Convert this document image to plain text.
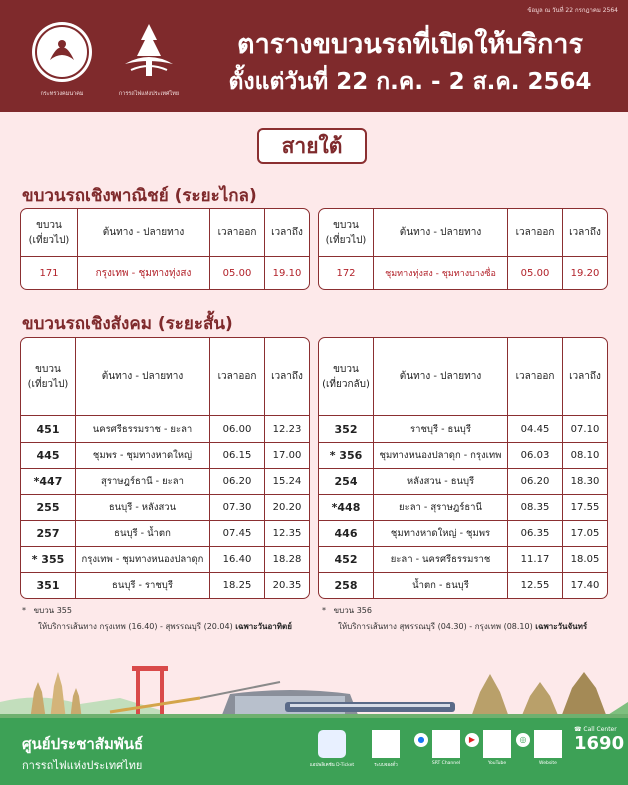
ข้อมูล ณ วันที่ 22 กรกฎาคม 2564
กระทรวงคมนาคม	การรถไฟแห่งประเทศไทย
ตารางขบวนรถที่เปิดให้บริการ
ตั้งแต่วันที่ 22 ก.ค. - 2 ส.ค. 2564
สายใต้
ขบวนรถเชิงพาณิชย์ (ระยะไกล)
ขบวน
(เที่ยวไป)	ต้นทาง - ปลายทาง	เวลาออก	เวลาถึง
171	กรุงเทพ - ชุมทางทุ่งสง	05.00	19.10
ขบวน
(เที่ยวไป)	ต้นทาง - ปลายทาง	เวลาออก	เวลาถึง
172	ชุมทางทุ่งสง - ชุมทางบางซื่อ	05.00	19.20
ขบวนรถเชิงสังคม (ระยะสั้น)
ขบวน
(เที่ยวไป)	ต้นทาง - ปลายทาง	เวลาออก	เวลาถึง
451	นครศรีธรรมราช - ยะลา	06.00	12.23
445	ชุมพร - ชุมทางหาดใหญ่	06.15	17.00
*447	สุราษฎร์ธานี - ยะลา	06.20	15.24
255	ธนบุรี - หลังสวน	07.30	20.20
257	ธนบุรี - น้ำตก	07.45	12.35
* 355	กรุงเทพ - ชุมทางหนองปลาดุก	16.40	18.28
351	ธนบุรี - ราชบุรี	18.25	20.35
ขบวน
(เที่ยวกลับ)	ต้นทาง - ปลายทาง	เวลาออก	เวลาถึง
352	ราชบุรี - ธนบุรี	04.45	07.10
* 356	ชุมทางหนองปลาดุก - กรุงเทพ	06.03	08.10
254	หลังสวน - ธนบุรี	06.20	18.30
*448	ยะลา - สุราษฎร์ธานี	08.35	17.55
446	ชุมทางหาดใหญ่ - ชุมพร	06.35	17.05
452	ยะลา - นครศรีธรรมราช	11.17	18.05
258	น้ำตก - ธนบุรี	12.55	17.40
*   ขบวน 355
ให้บริการเส้นทาง กรุงเทพ (16.40) - สุพรรณบุรี (20.04) เฉพาะวันอาทิตย์
*   ขบวน 356
ให้บริการเส้นทาง สุพรรณบุรี (04.30) - กรุงเทพ (08.10) เฉพาะวันจันทร์
ศูนย์ประชาสัมพันธ์
การรถไฟแห่งประเทศไทย	แอปพลิเคชัน D-Ticket	ระบบจองตั๋ว
●
SRT Channel
▶
YouTube
◎
Website
☎ Call Center
1690
